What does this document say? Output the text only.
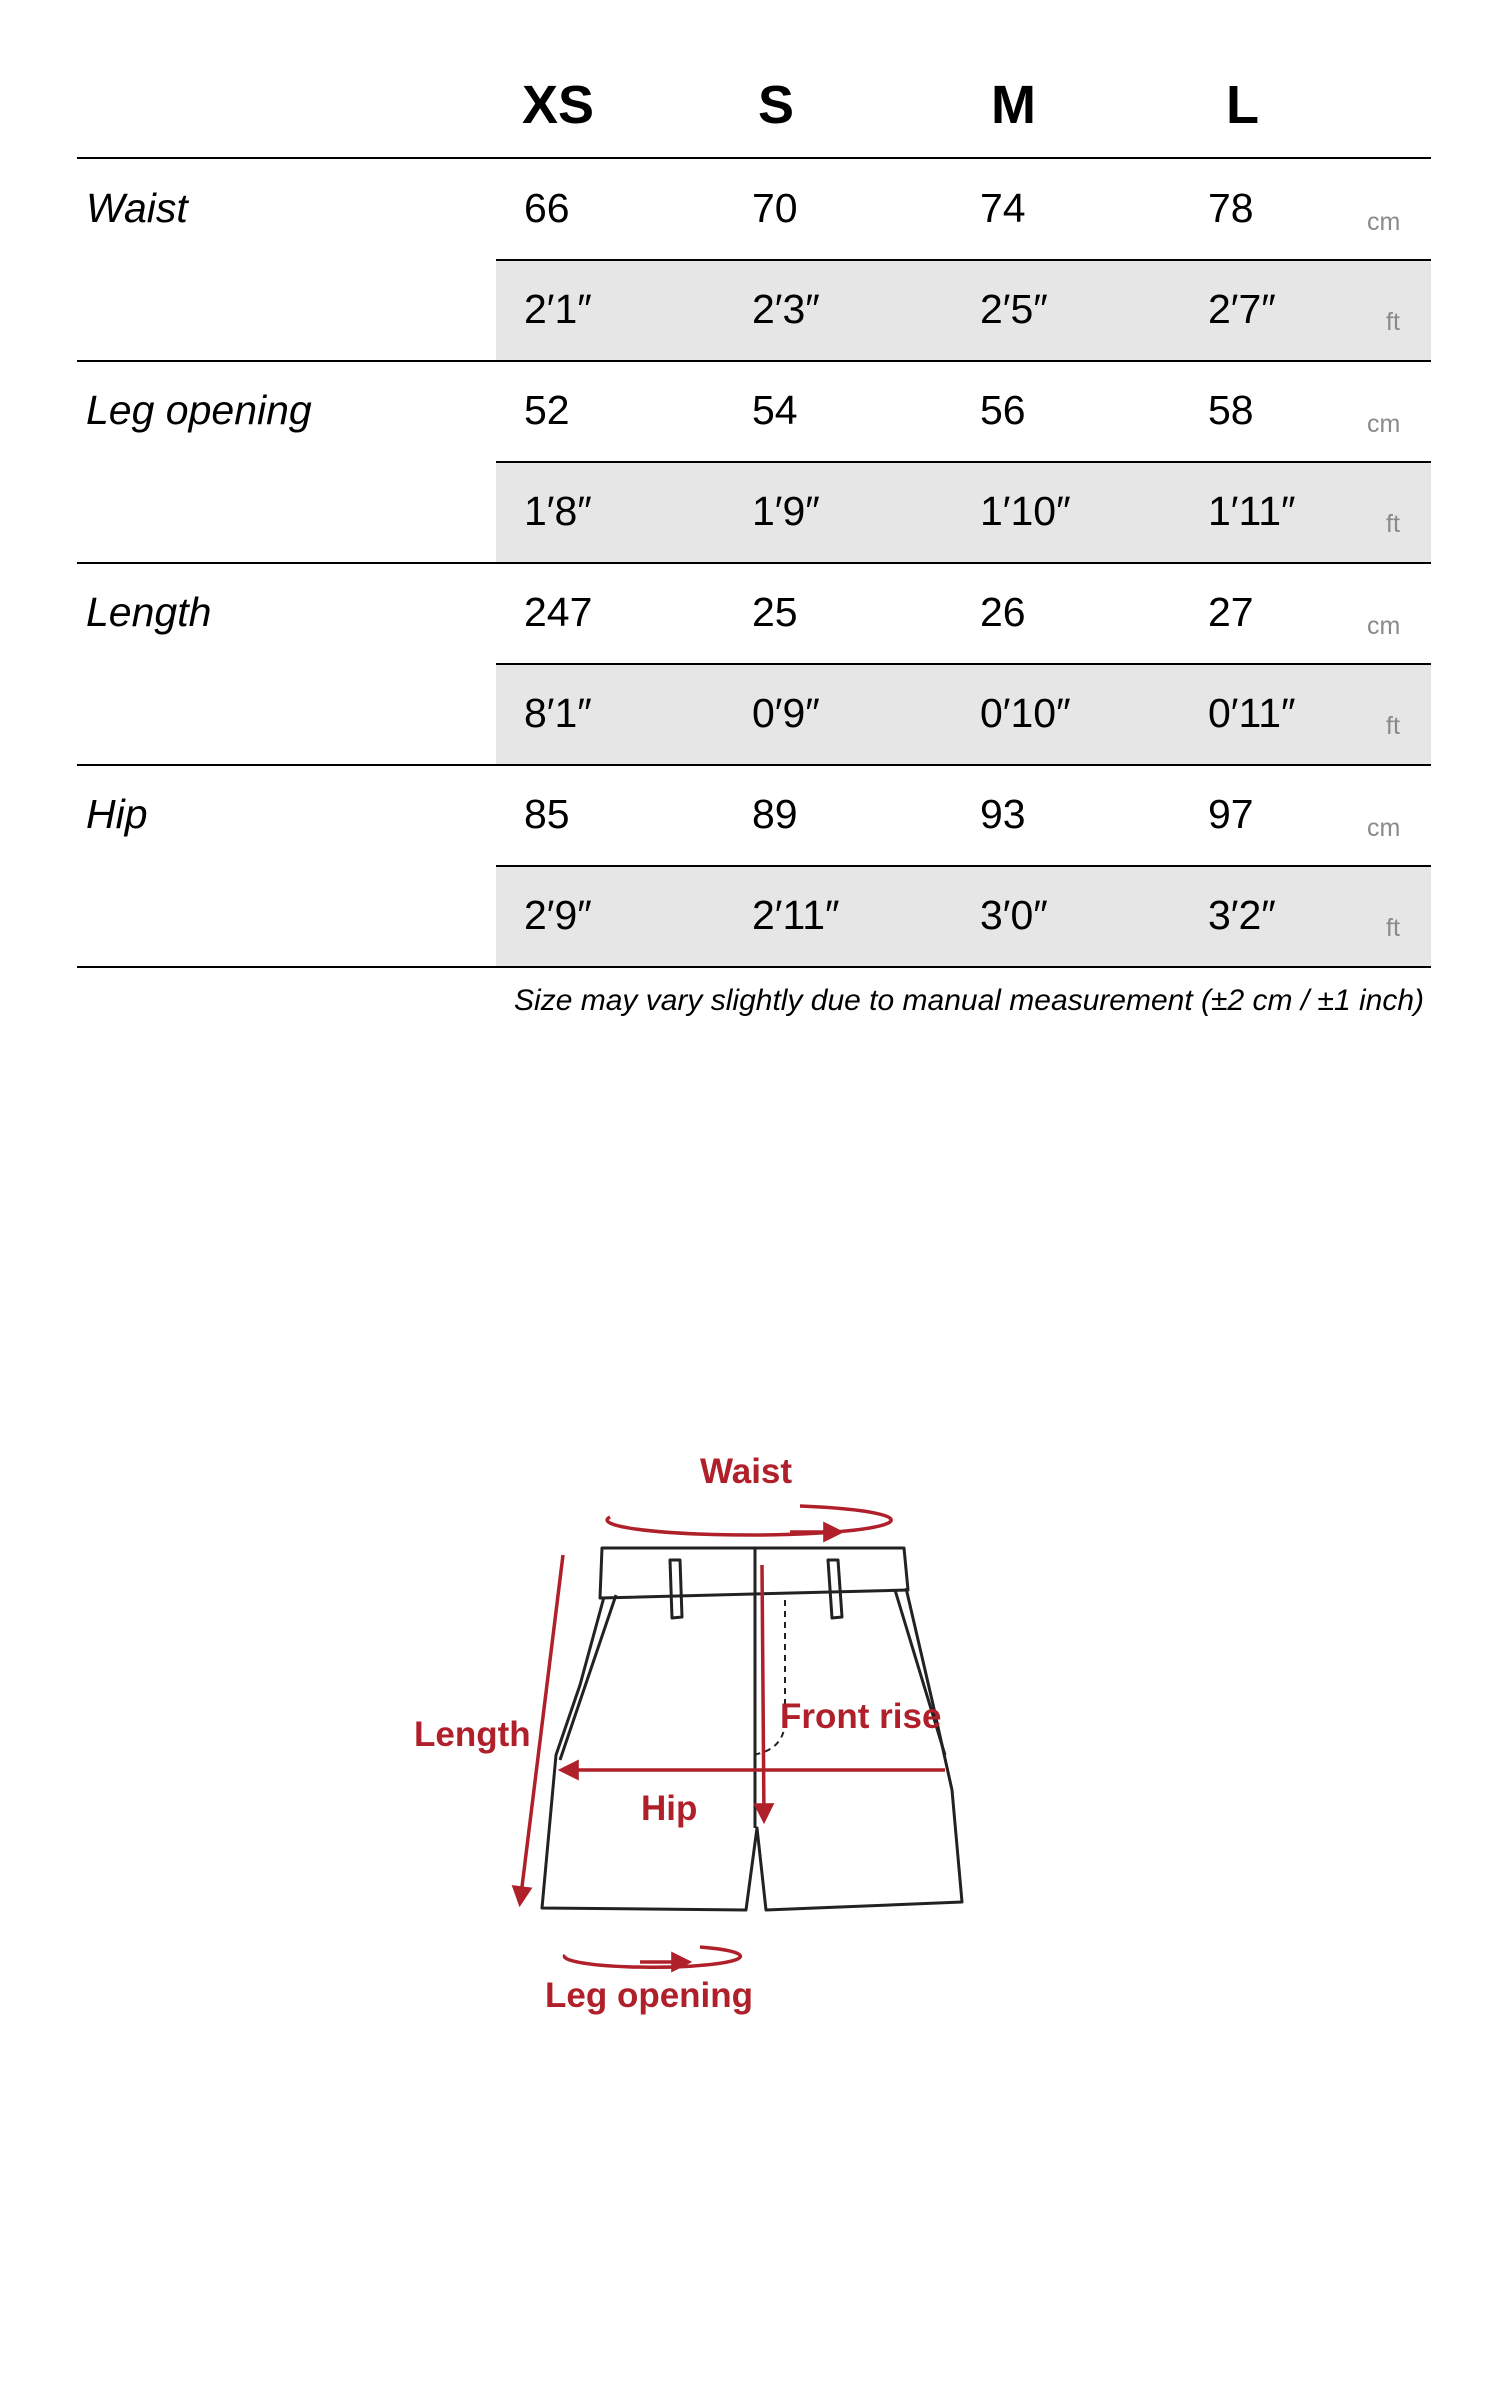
XS	S	M	L
Waist	66	70	74	78	cm
2′1″	2′3″	2′5″	2′7″	ft
Leg opening	52	54	56	58	cm
1′8″	1′9″	1′10″	1′11″	ft
Length	247	25	26	27	cm
8′1″	0′9″	0′10″	0′11″	ft
Hip	85	89	93	97	cm
2′9″	2′11″	3′0″	3′2″	ft
Size may vary slightly due to manual measurement (±2 cm / ±1 inch)
Waist
Length	Front rise
Hip
Leg opening
